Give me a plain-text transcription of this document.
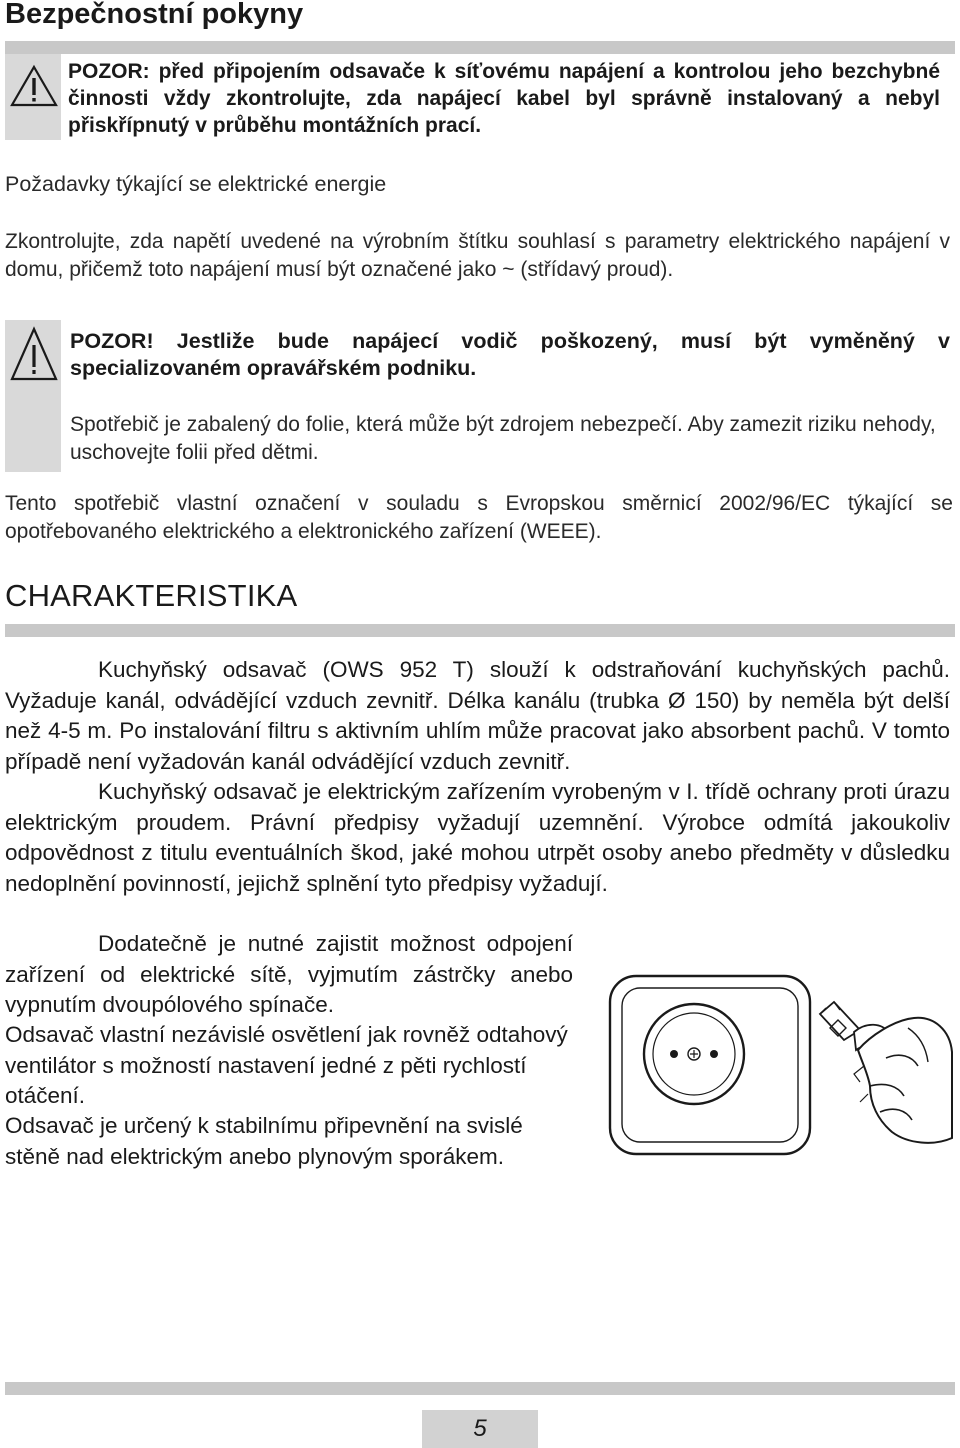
Bezpečnostní pokyny

POZOR: před připojením odsavače k síťovému napájení a kontrolou jeho bezchybné činnosti vždy zkontrolujte, zda napájecí kabel byl správně instalovaný a nebyl přiskřípnutý v průběhu montážních prací.

Požadavky týkající se elektrické energie

Zkontrolujte, zda napětí uvedené na výrobním štítku souhlasí s parametry elektrického napájení v domu, přičemž toto napájení musí být označené jako ~ (střídavý proud).

POZOR! Jestliže bude napájecí vodič poškozený, musí být vyměněný v specializovaném opravářském podniku.

Spotřebič je zabalený do folie, která může být zdrojem nebezpečí. Aby zamezit riziku nehody, uschovejte folii před dětmi.

Tento spotřebič vlastní označení v souladu s Evropskou směrnicí 2002/96/EC týkající se opotřebovaného elektrického a elektronického zařízení (WEEE).

CHARAKTERISTIKA

Kuchyňský odsavač (OWS 952 T) slouží k odstraňování kuchyňských pachů. Vyžaduje kanál, odvádějící vzduch zevnitř. Délka kanálu (trubka Ø 150) by neměla být delší než 4-5 m. Po instalování filtru s aktivním uhlím může pracovat jako absorbent pachů. V tomto případě není vyžadován kanál odvádějící vzduch zevnitř.

Kuchyňský odsavač je elektrickým zařízením vyrobeným v I. třídě ochrany proti úrazu elektrickým proudem. Právní předpisy vyžadují uzemnění. Výrobce odmítá jakoukoliv odpovědnost z titulu eventuálních škod, jaké mohou utrpět osoby anebo předměty v důsledku nedoplnění povinností, jejichž splnění tyto předpisy vyžadují.

Dodatečně je nutné zajistit možnost odpojení zařízení od elektrické sítě, vyjmutím zástrčky anebo vypnutím dvoupólového spínače.

Odsavač vlastní nezávislé osvětlení jak rovněž odtahový ventilátor s možností nastavení jedné z pěti rychlostí otáčení.

Odsavač je určený k stabilnímu připevnění na svislé stěně nad elektrickým anebo plynovým sporákem.

5
